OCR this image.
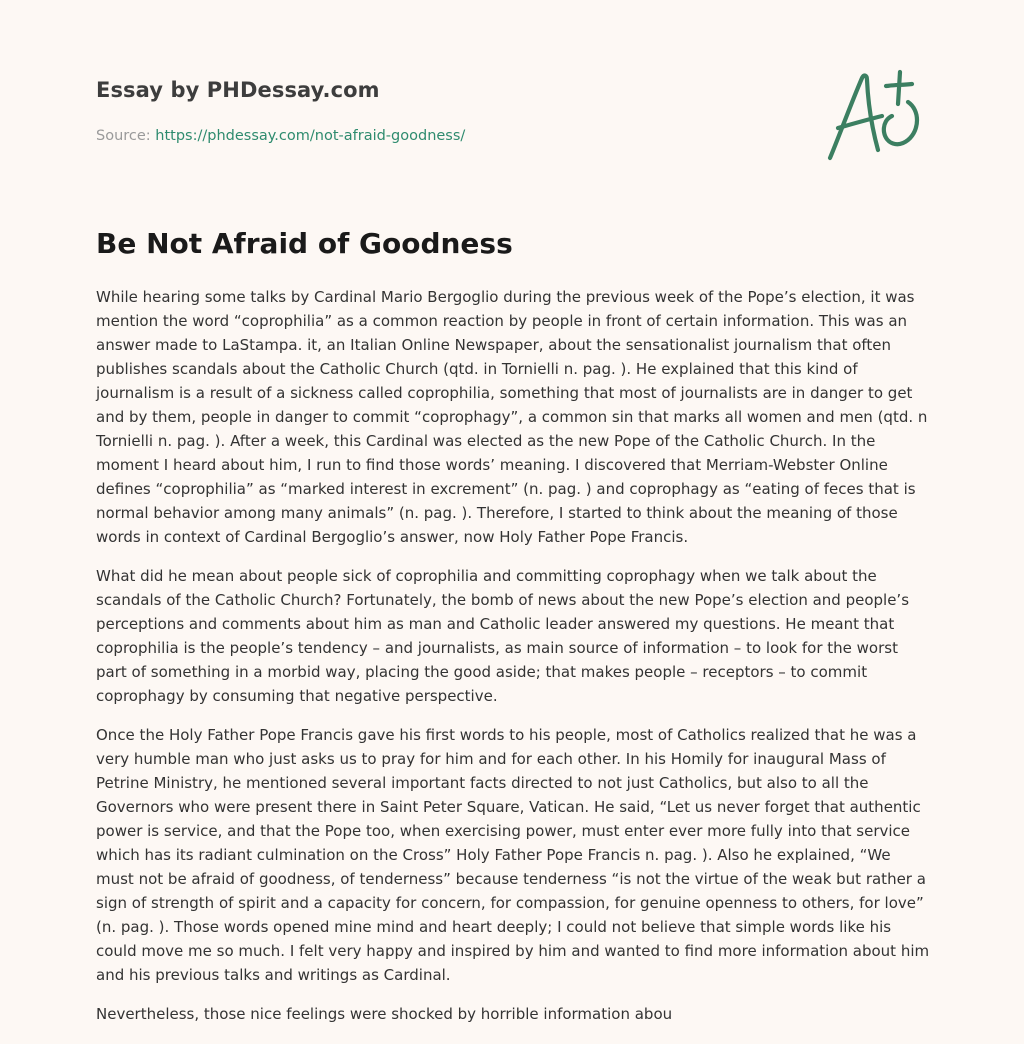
Essay by PHDessay.com
Source: https://phdessay.com/not-afraid-goodness/
Be Not Afraid of Goodness

While hearing some talks by Cardinal Mario Bergoglio during the previous week of the Pope’s election, it was mention the word “coprophilia” as a common reaction by people in front of certain information. This was an answer made to LaStampa. it, an Italian Online Newspaper, about the sensationalist journalism that often publishes scandals about the Catholic Church (qtd. in Tornielli n. pag. ). He explained that this kind of journalism is a result of a sickness called coprophilia, something that most of journalists are in danger to get and by them, people in danger to commit “coprophagy”, a common sin that marks all women and men (qtd. n Tornielli n. pag. ). After a week, this Cardinal was elected as the new Pope of the Catholic Church. In the moment I heard about him, I run to find those words’ meaning. I discovered that Merriam-Webster Online defines “coprophilia” as “marked interest in excrement” (n. pag. ) and coprophagy as “eating of feces that is normal behavior among many animals” (n. pag. ). Therefore, I started to think about the meaning of those words in context of Cardinal Bergoglio’s answer, now Holy Father Pope Francis.

What did he mean about people sick of coprophilia and committing coprophagy when we talk about the scandals of the Catholic Church? Fortunately, the bomb of news about the new Pope’s election and people’s perceptions and comments about him as man and Catholic leader answered my questions. He meant that coprophilia is the people’s tendency – and journalists, as main source of information – to look for the worst part of something in a morbid way, placing the good aside; that makes people – receptors – to commit coprophagy by consuming that negative perspective.

Once the Holy Father Pope Francis gave his first words to his people, most of Catholics realized that he was a very humble man who just asks us to pray for him and for each other. In his Homily for inaugural Mass of Petrine Ministry, he mentioned several important facts directed to not just Catholics, but also to all the Governors who were present there in Saint Peter Square, Vatican. He said, “Let us never forget that authentic power is service, and that the Pope too, when exercising power, must enter ever more fully into that service which has its radiant culmination on the Cross” Holy Father Pope Francis n. pag. ). Also he explained, “We must not be afraid of goodness, of tenderness” because tenderness “is not the virtue of the weak but rather a sign of strength of spirit and a capacity for concern, for compassion, for genuine openness to others, for love” (n. pag. ). Those words opened mine mind and heart deeply; I could not believe that simple words like his could move me so much. I felt very happy and inspired by him and wanted to find more information about him and his previous talks and writings as Cardinal.

Nevertheless, those nice feelings were shocked by horrible information abou
